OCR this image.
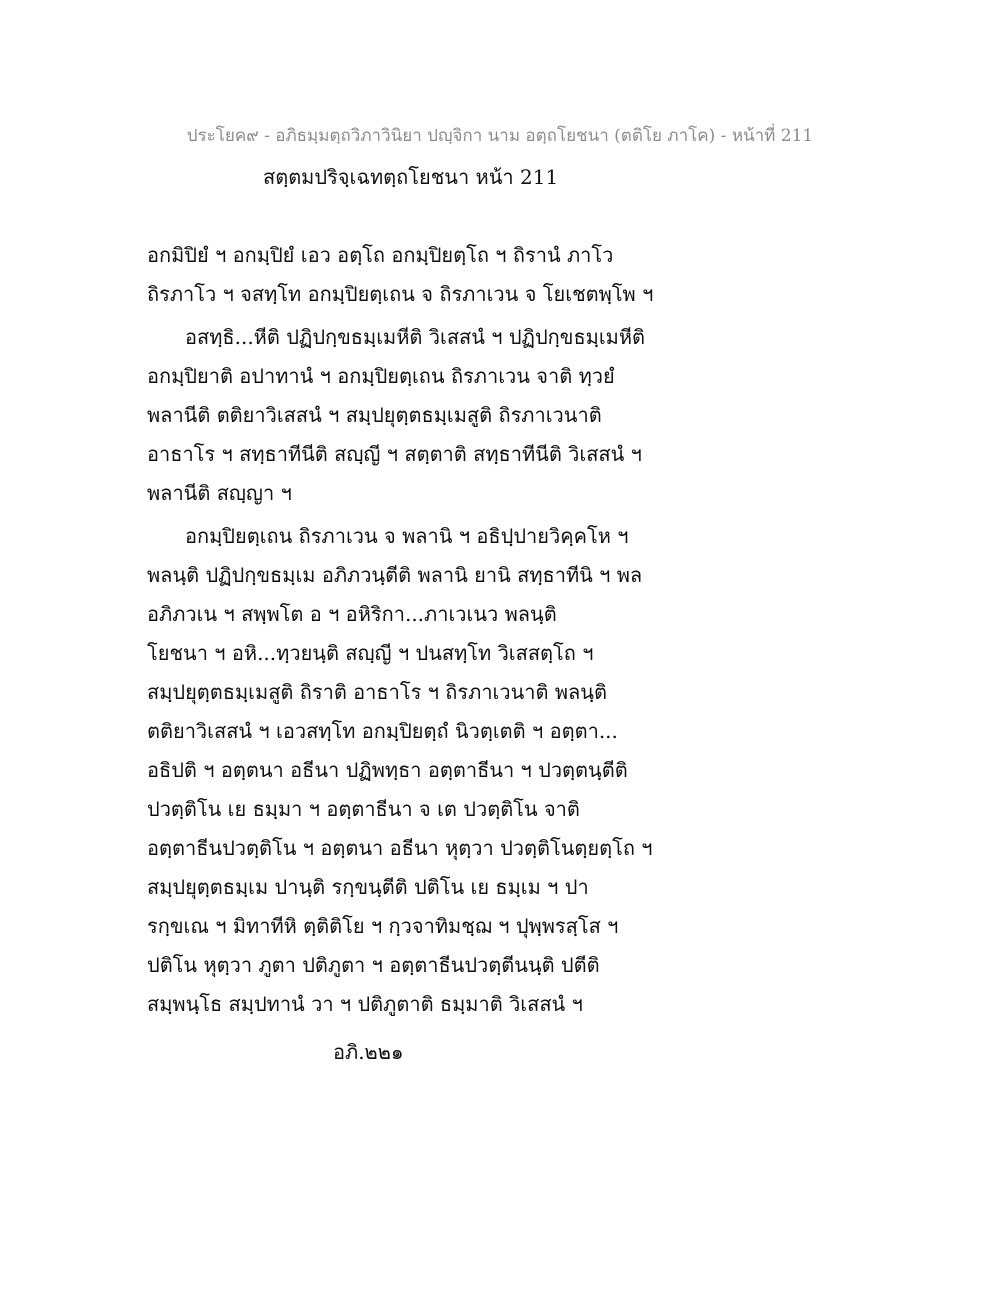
ประโยค๙ - อภิธมฺมตฺถวิภาวินิยา ปญฺจิกา นาม อตฺถโยชนา (ตติโย ภาโค) - หน้าที่ 211
สตฺตมปริจฺเฉทตฺถโยชนา หน้า 211
อกมิปิยํ ฯ อกมฺปิยํ เอว อตฺโถ อกมฺปิยตฺโถ ฯ ถิรานํ ภาโว
ถิรภาโว ฯ จสทฺโท อกมฺปิยตฺเถน จ ถิรภาเวน จ โยเชตพฺโพ ฯ
อสทฺธิ...หีติ ปฏิปกฺขธมฺเมหีติ วิเสสนํ ฯ ปฏิปกฺขธมฺเมหีติ
อกมฺปิยาติ อปาทานํ ฯ อกมฺปิยตฺเถน ถิรภาเวน จาติ ทฺวยํ
พลานีติ ตติยาวิเสสนํ ฯ สมฺปยุตฺตธมฺเมสูติ ถิรภาเวนาติ
อาธาโร ฯ สทฺธาทีนีติ สญฺญี ฯ สตฺตาติ สทฺธาทีนีติ วิเสสนํ ฯ
พลานีติ สญฺญา ฯ
อกมฺปิยตฺเถน ถิรภาเวน จ พลานิ ฯ อธิปฺปายวิคฺคโห ฯ
พลนฺติ ปฏิปกฺขธมฺเม อภิภวนฺตีติ พลานิ ยานิ สทฺธาทีนิ ฯ พล
อภิภวเน ฯ สพฺพโต อ ฯ อหิริกา...ภาเวเนว พลนฺติ
โยชนา ฯ อหิ...ทฺวยนฺติ สญฺญี ฯ ปนสทฺโท วิเสสตฺโถ ฯ
สมฺปยุตฺตธมฺเมสูติ ถิราติ อาธาโร ฯ ถิรภาเวนาติ พลนฺติ
ตติยาวิเสสนํ ฯ เอวสทฺโท อกมฺปิยตฺถํ นิวตฺเตติ ฯ อตฺตา...
อธิปติ ฯ อตฺตนา อธีนา ปฏิพทฺธา อตฺตาธีนา ฯ ปวตฺตนฺตีติ
ปวตฺติโน เย ธมฺมา ฯ อตฺตาธีนา จ เต ปวตฺติโน จาติ
อตฺตาธีนปวตฺติโน ฯ อตฺตนา อธีนา หุตฺวา ปวตฺติโนตฺยตฺโถ ฯ
สมฺปยุตฺตธมฺเม ปานฺติ รกฺขนฺตีติ ปติโน เย ธมฺเม ฯ ปา
รกฺขเณ ฯ มิทาทีหิ ตฺติติโย ฯ กฺวจาทิมชฺฌ ฯ ปุพฺพรสฺโส ฯ
ปติโน หุตฺวา ภูตา ปติภูตา ฯ อตฺตาธีนปวตฺตีนนฺติ ปตีติ
สมฺพนฺโธ สมฺปทานํ วา ฯ ปติภูตาติ ธมฺมาติ วิเสสนํ ฯ
อภิ.๒๒๑
